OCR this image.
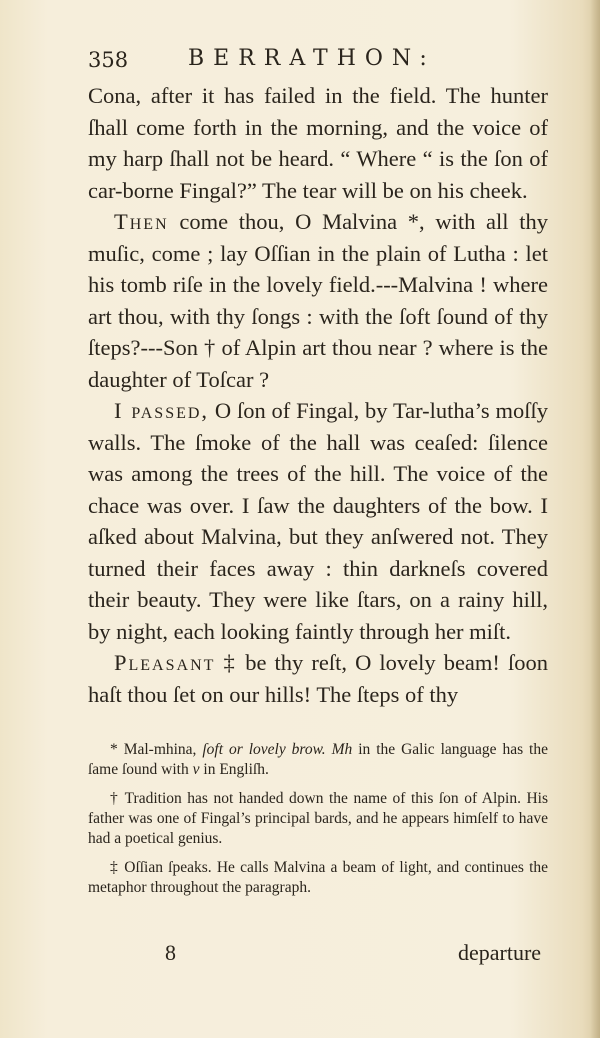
358	BERRATHON:

Cona, after it has failed in the field. The hunter ſhall come forth in the morning, and the voice of my harp ſhall not be heard. “ Where “ is the ſon of car-borne Fingal?” The tear will be on his cheek.

Then come thou, O Malvina *, with all thy muſic, come ; lay Oſſian in the plain of Lutha : let his tomb riſe in the lovely field.---Malvina ! where art thou, with thy ſongs : with the ſoft ſound of thy ſteps?---Son † of Alpin art thou near ? where is the daughter of Toſcar ?

I passed, O ſon of Fingal, by Tar-lutha’s moſſy walls. The ſmoke of the hall was ceaſed: ſilence was among the trees of the hill. The voice of the chace was over. I ſaw the daughters of the bow. I aſked about Malvina, but they anſwered not. They turned their faces away : thin darkneſs covered their beauty. They were like ſtars, on a rainy hill, by night, each looking faintly through her miſt.

Pleasant ‡ be thy reſt, O lovely beam! ſoon haſt thou ſet on our hills! The ſteps of thy

* Mal-mhina, ſoft or lovely brow. Mh in the Galic language has the ſame ſound with v in Engliſh.

† Tradition has not handed down the name of this ſon of Alpin. His father was one of Fingal’s principal bards, and he appears himſelf to have had a poetical genius.

‡ Oſſian ſpeaks. He calls Malvina a beam of light, and continues the metaphor throughout the paragraph.

8	departure
